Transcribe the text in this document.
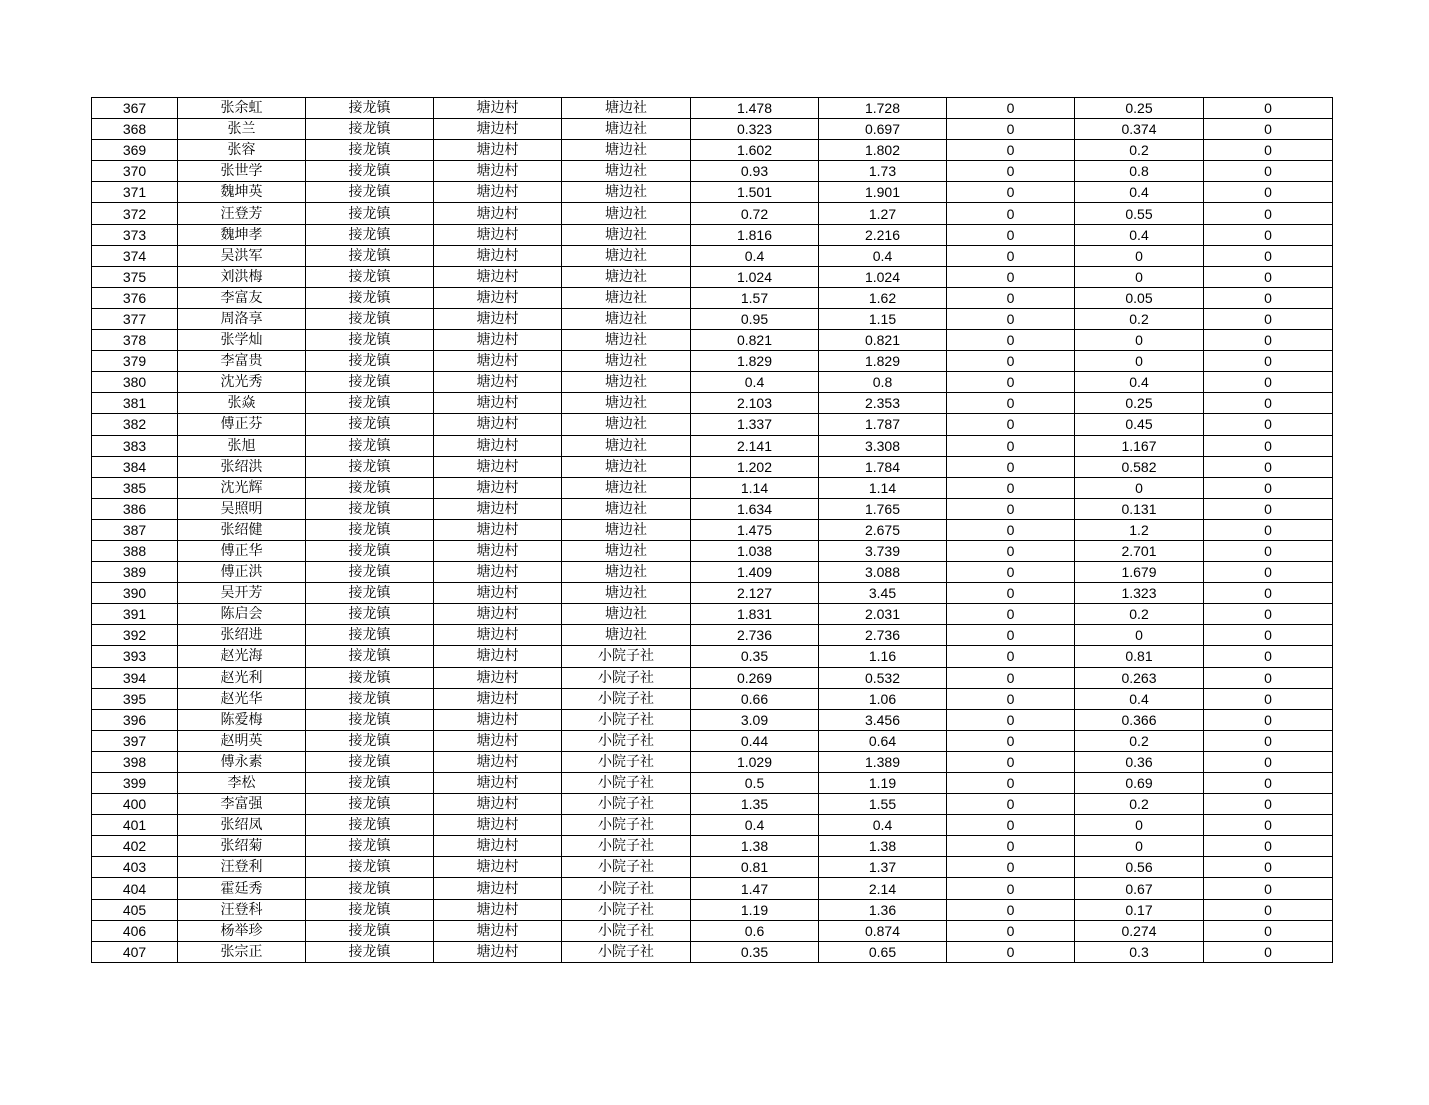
367	张余虹	接龙镇	塘边村	塘边社	1.478	1.728	0	0.25	0
368	张兰	接龙镇	塘边村	塘边社	0.323	0.697	0	0.374	0
369	张容	接龙镇	塘边村	塘边社	1.602	1.802	0	0.2	0
370	张世学	接龙镇	塘边村	塘边社	0.93	1.73	0	0.8	0
371	魏坤英	接龙镇	塘边村	塘边社	1.501	1.901	0	0.4	0
372	汪登芳	接龙镇	塘边村	塘边社	0.72	1.27	0	0.55	0
373	魏坤孝	接龙镇	塘边村	塘边社	1.816	2.216	0	0.4	0
374	吴洪军	接龙镇	塘边村	塘边社	0.4	0.4	0	0	0
375	刘洪梅	接龙镇	塘边村	塘边社	1.024	1.024	0	0	0
376	李富友	接龙镇	塘边村	塘边社	1.57	1.62	0	0.05	0
377	周洛享	接龙镇	塘边村	塘边社	0.95	1.15	0	0.2	0
378	张学灿	接龙镇	塘边村	塘边社	0.821	0.821	0	0	0
379	李富贵	接龙镇	塘边村	塘边社	1.829	1.829	0	0	0
380	沈光秀	接龙镇	塘边村	塘边社	0.4	0.8	0	0.4	0
381	张焱	接龙镇	塘边村	塘边社	2.103	2.353	0	0.25	0
382	傅正芬	接龙镇	塘边村	塘边社	1.337	1.787	0	0.45	0
383	张旭	接龙镇	塘边村	塘边社	2.141	3.308	0	1.167	0
384	张绍洪	接龙镇	塘边村	塘边社	1.202	1.784	0	0.582	0
385	沈光辉	接龙镇	塘边村	塘边社	1.14	1.14	0	0	0
386	吴照明	接龙镇	塘边村	塘边社	1.634	1.765	0	0.131	0
387	张绍健	接龙镇	塘边村	塘边社	1.475	2.675	0	1.2	0
388	傅正华	接龙镇	塘边村	塘边社	1.038	3.739	0	2.701	0
389	傅正洪	接龙镇	塘边村	塘边社	1.409	3.088	0	1.679	0
390	吴开芳	接龙镇	塘边村	塘边社	2.127	3.45	0	1.323	0
391	陈启会	接龙镇	塘边村	塘边社	1.831	2.031	0	0.2	0
392	张绍进	接龙镇	塘边村	塘边社	2.736	2.736	0	0	0
393	赵光海	接龙镇	塘边村	小院子社	0.35	1.16	0	0.81	0
394	赵光利	接龙镇	塘边村	小院子社	0.269	0.532	0	0.263	0
395	赵光华	接龙镇	塘边村	小院子社	0.66	1.06	0	0.4	0
396	陈爱梅	接龙镇	塘边村	小院子社	3.09	3.456	0	0.366	0
397	赵明英	接龙镇	塘边村	小院子社	0.44	0.64	0	0.2	0
398	傅永素	接龙镇	塘边村	小院子社	1.029	1.389	0	0.36	0
399	李松	接龙镇	塘边村	小院子社	0.5	1.19	0	0.69	0
400	李富强	接龙镇	塘边村	小院子社	1.35	1.55	0	0.2	0
401	张绍凤	接龙镇	塘边村	小院子社	0.4	0.4	0	0	0
402	张绍菊	接龙镇	塘边村	小院子社	1.38	1.38	0	0	0
403	汪登利	接龙镇	塘边村	小院子社	0.81	1.37	0	0.56	0
404	霍廷秀	接龙镇	塘边村	小院子社	1.47	2.14	0	0.67	0
405	汪登科	接龙镇	塘边村	小院子社	1.19	1.36	0	0.17	0
406	杨举珍	接龙镇	塘边村	小院子社	0.6	0.874	0	0.274	0
407	张宗正	接龙镇	塘边村	小院子社	0.35	0.65	0	0.3	0
